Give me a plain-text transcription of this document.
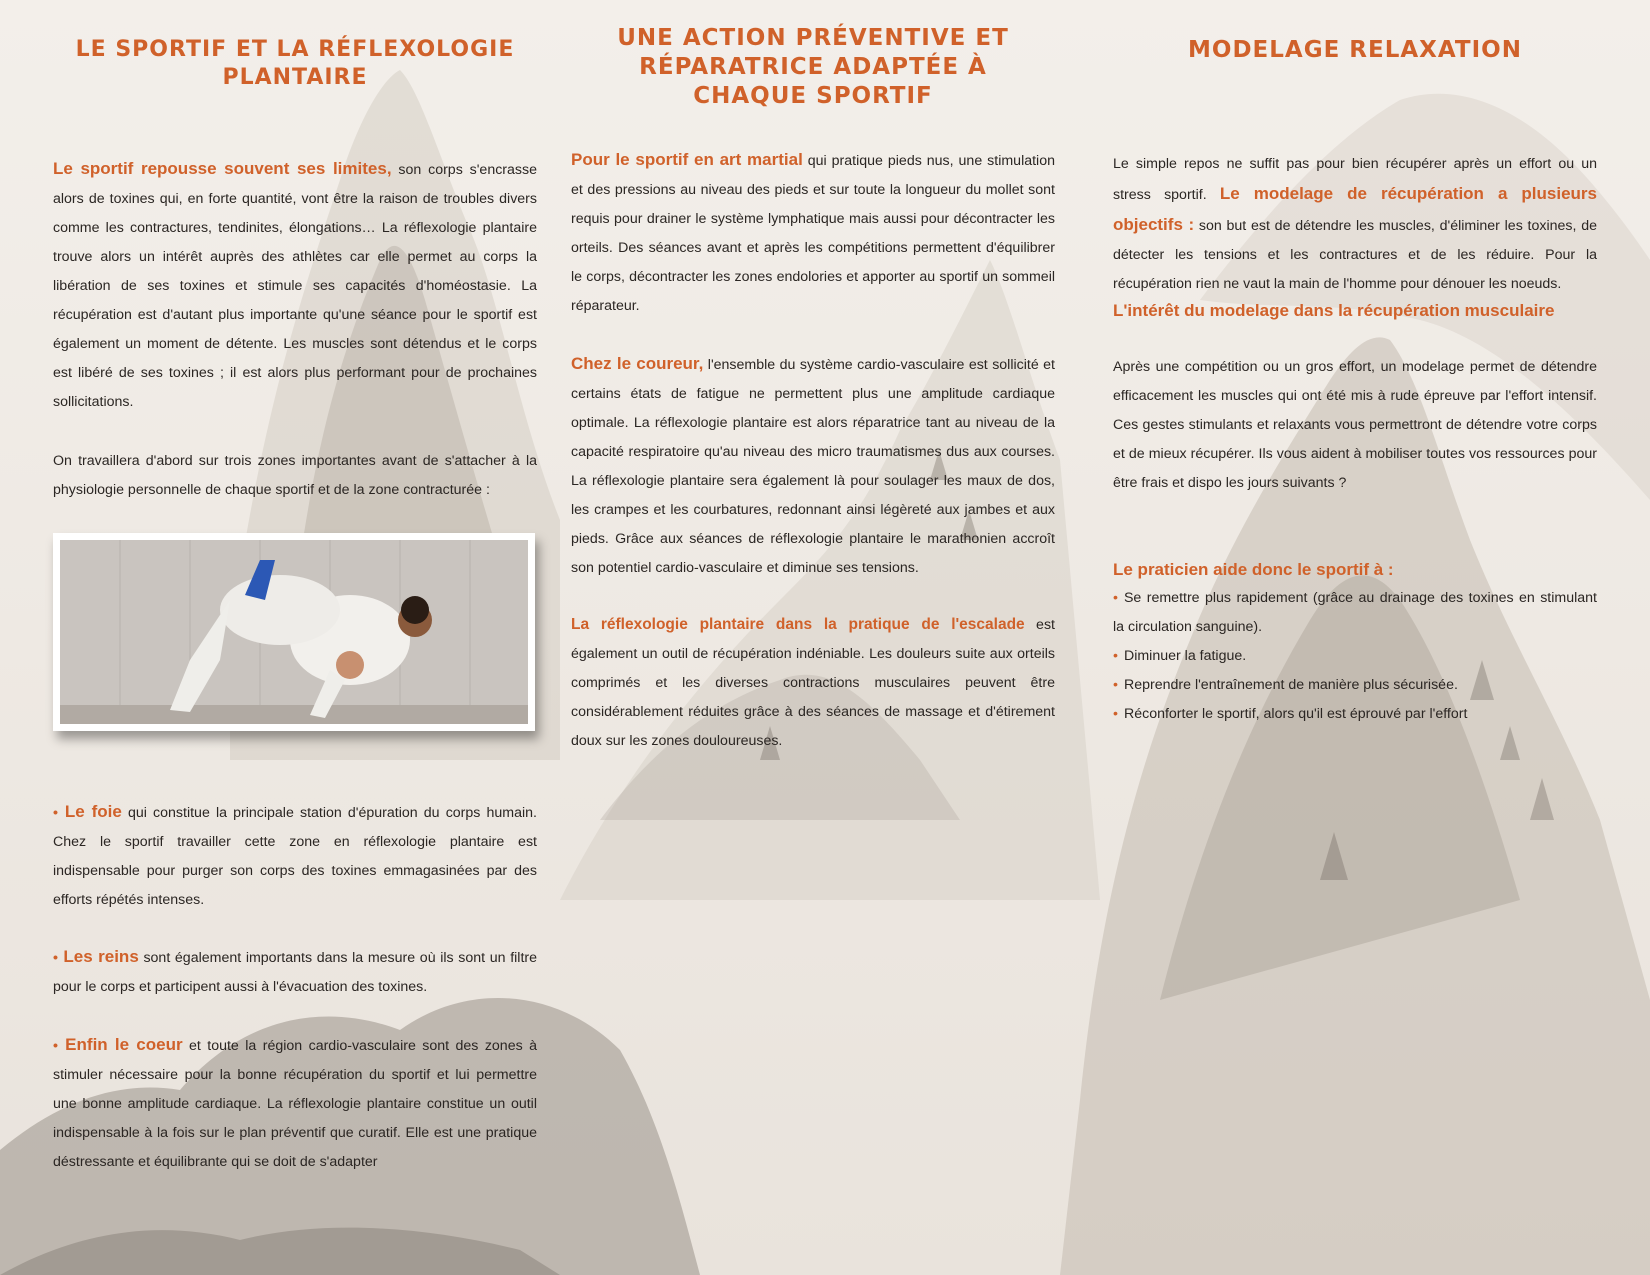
LE SPORTIF ET LA RÉFLEXOLOGIE PLANTAIRE

Le sportif repousse souvent ses limites, son corps s'encrasse alors de toxines qui, en forte quantité, vont être la raison de troubles divers comme les contractures, tendinites, élongations… La réflexologie plantaire trouve alors un intérêt auprès des athlètes car elle permet au corps la libération de ses toxines et stimule ses capacités d'homéostasie. La récupération est d'autant plus importante qu'une séance pour le sportif est également un moment de détente. Les muscles sont détendus et le corps est libéré de ses toxines ; il est alors plus performant pour de prochaines sollicitations.

On travaillera d'abord sur trois zones importantes avant de s'attacher à la physiologie personnelle de chaque sportif et de la zone contracturée :

• Le foie qui constitue la principale station d'épuration du corps humain. Chez le sportif travailler cette zone en réflexologie plantaire est indispensable pour purger son corps des toxines emmagasinées par des efforts répétés intenses.

• Les reins sont également importants dans la mesure où ils sont un filtre pour le corps et participent aussi à l'évacuation des toxines.

• Enfin le coeur et toute la région cardio-vasculaire sont des zones à stimuler nécessaire pour la bonne récupération du sportif et lui permettre une bonne amplitude cardiaque. La réflexologie plantaire constitue un outil indispensable à la fois sur le plan préventif que curatif. Elle est une pratique déstressante et équilibrante qui se doit de s'adapter

UNE ACTION PRÉVENTIVE ET RÉPARATRICE ADAPTÉE À CHAQUE SPORTIF

Pour le sportif en art martial qui pratique pieds nus, une stimulation et des pressions au niveau des pieds et sur toute la longueur du mollet sont requis pour drainer le système lymphatique mais aussi pour décontracter les orteils. Des séances avant et après les compétitions permettent d'équilibrer le corps, décontracter les zones endolories et apporter au sportif un sommeil réparateur.

Chez le coureur, l'ensemble du système cardio-vasculaire est sollicité et certains états de fatigue ne permettent plus une amplitude cardiaque optimale. La réflexologie plantaire est alors réparatrice tant au niveau de la capacité respiratoire qu'au niveau des micro traumatismes dus aux courses. La réflexologie plantaire sera également là pour soulager les maux de dos, les crampes et les courbatures, redonnant ainsi légèreté aux jambes et aux pieds. Grâce aux séances de réflexologie plantaire le marathonien accroît son potentiel cardio-vasculaire et diminue ses tensions.

La réflexologie plantaire dans la pratique de l'escalade est également un outil de récupération indéniable. Les douleurs suite aux orteils comprimés et les diverses contractions musculaires peuvent être considérablement réduites grâce à des séances de massage et d'étirement doux sur les zones douloureuses.

MODELAGE RELAXATION

Le simple repos ne suffit pas pour bien récupérer après un effort ou un stress sportif. Le modelage de récupération a plusieurs objectifs : son but est de détendre les muscles, d'éliminer les toxines, de détecter les tensions et les contractures et de les réduire. Pour la récupération rien ne vaut la main de l'homme pour dénouer les noeuds.

L'intérêt du modelage dans la récupération musculaire

Après une compétition ou un gros effort, un modelage permet de détendre efficacement les muscles qui ont été mis à rude épreuve par l'effort intensif. Ces gestes stimulants et relaxants vous permettront de détendre votre corps et de mieux récupérer. Ils vous aident à mobiliser toutes vos ressources pour être frais et dispo les jours suivants ?

Le praticien aide donc le sportif à :

• Se remettre plus rapidement (grâce au drainage des toxines en stimulant la circulation sanguine).
• Diminuer la fatigue.
• Reprendre l'entraînement de manière plus sécurisée.
• Réconforter le sportif, alors qu'il est éprouvé par l'effort
